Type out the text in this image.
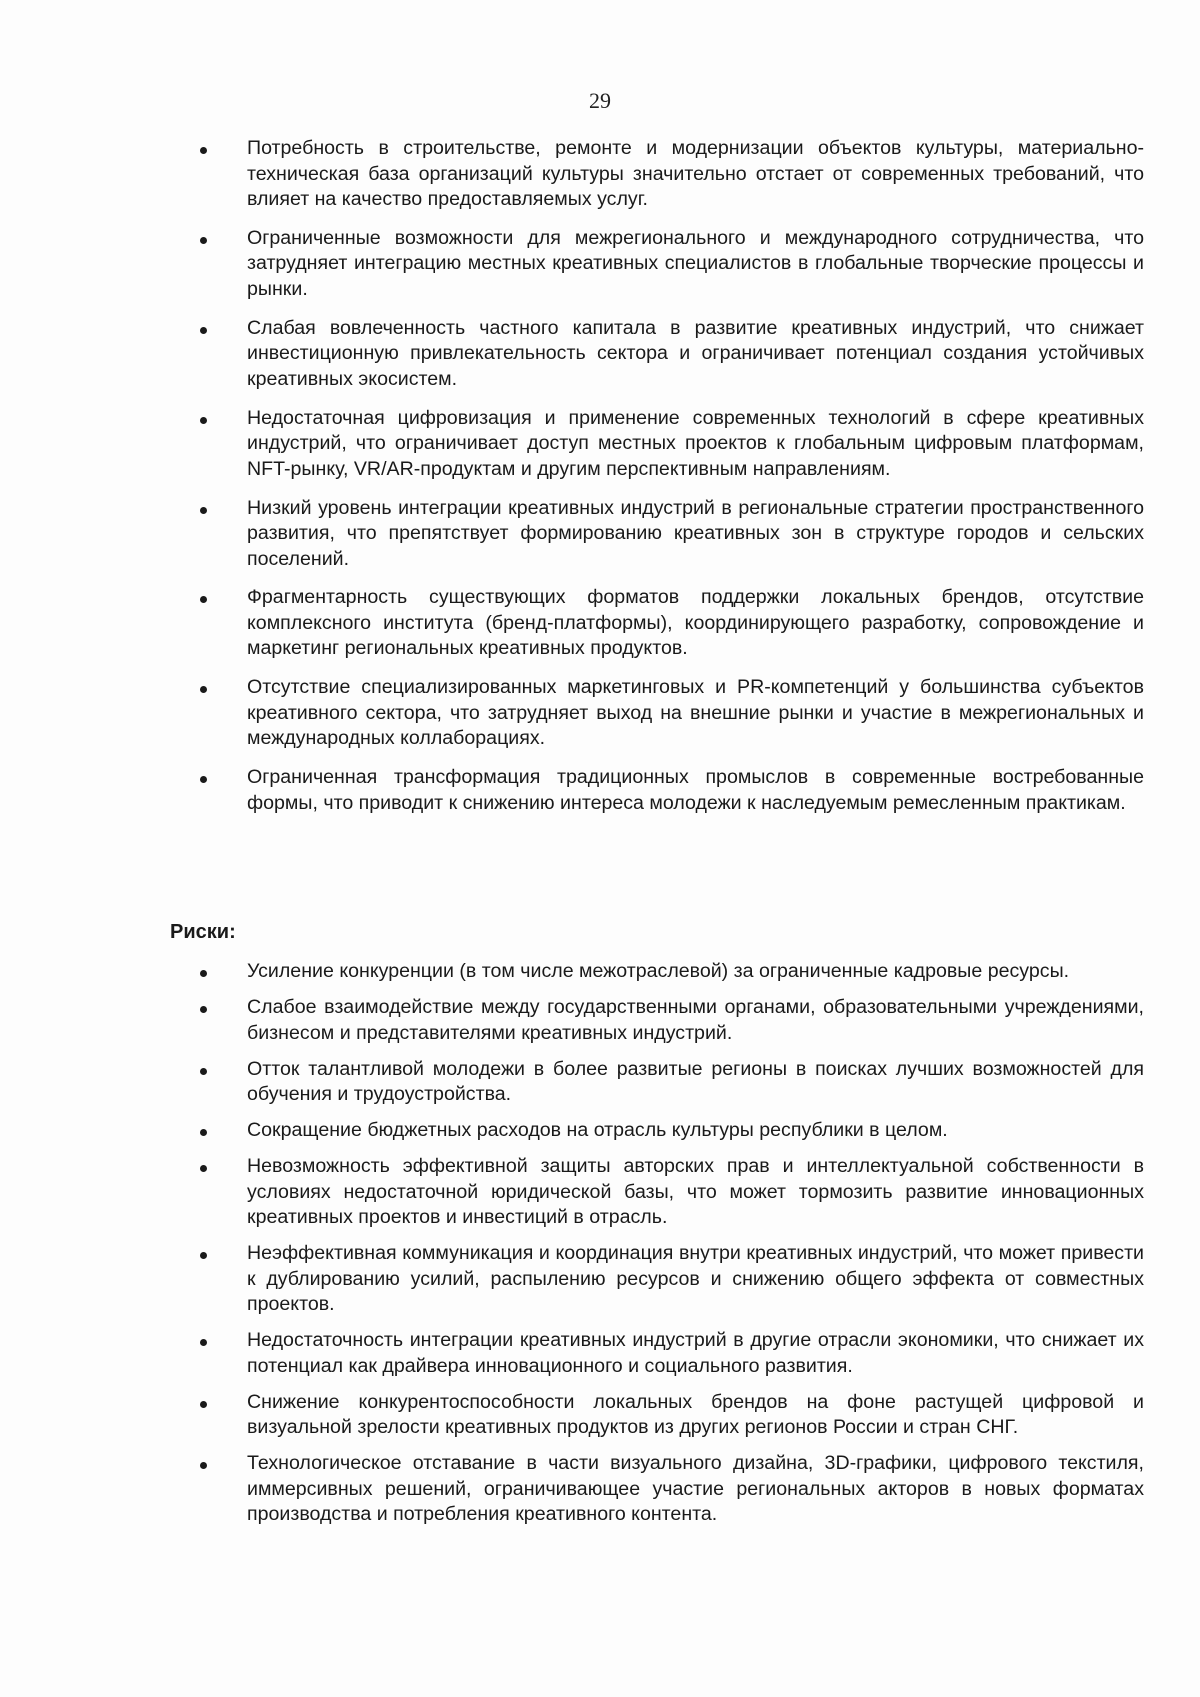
29
Потребность в строительстве, ремонте и модернизации объектов культуры, материально-техническая база организаций культуры значительно отстает от современных требований, что влияет на качество предоставляемых услуг.
Ограниченные возможности для межрегионального и международного сотрудничества, что затрудняет интеграцию местных креативных специалистов в глобальные творческие процессы и рынки.
Слабая вовлеченность частного капитала в развитие креативных индустрий, что снижает инвестиционную привлекательность сектора и ограничивает потенциал создания устойчивых креативных экосистем.
Недостаточная цифровизация и применение современных технологий в сфере креативных индустрий, что ограничивает доступ местных проектов к глобальным цифровым платформам, NFT-рынку, VR/AR-продуктам и другим перспективным направлениям.
Низкий уровень интеграции креативных индустрий в региональные стратегии пространственного развития, что препятствует формированию креативных зон в структуре городов и сельских поселений.
Фрагментарность существующих форматов поддержки локальных брендов, отсутствие комплексного института (бренд-платформы), координирующего разработку, сопровождение и маркетинг региональных креативных продуктов.
Отсутствие специализированных маркетинговых и PR-компетенций у большинства субъектов креативного сектора, что затрудняет выход на внешние рынки и участие в межрегиональных и международных коллаборациях.
Ограниченная трансформация традиционных промыслов в современные востребованные формы, что приводит к снижению интереса молодежи к наследуемым ремесленным практикам.
Риски:
Усиление конкуренции (в том числе межотраслевой) за ограниченные кадровые ресурсы.
Слабое взаимодействие между государственными органами, образовательными учреждениями, бизнесом и представителями креативных индустрий.
Отток талантливой молодежи в более развитые регионы в поисках лучших возможностей для обучения и трудоустройства.
Сокращение бюджетных расходов на отрасль культуры республики в целом.
Невозможность эффективной защиты авторских прав и интеллектуальной собственности в условиях недостаточной юридической базы, что может тормозить развитие инновационных креативных проектов и инвестиций в отрасль.
Неэффективная коммуникация и координация внутри креативных индустрий, что может привести к дублированию усилий, распылению ресурсов и снижению общего эффекта от совместных проектов.
Недостаточность интеграции креативных индустрий в другие отрасли экономики, что снижает их потенциал как драйвера инновационного и социального развития.
Снижение конкурентоспособности локальных брендов на фоне растущей цифровой и визуальной зрелости креативных продуктов из других регионов России и стран СНГ.
Технологическое отставание в части визуального дизайна, 3D-графики, цифрового текстиля, иммерсивных решений, ограничивающее участие региональных акторов в новых форматах производства и потребления креативного контента.
